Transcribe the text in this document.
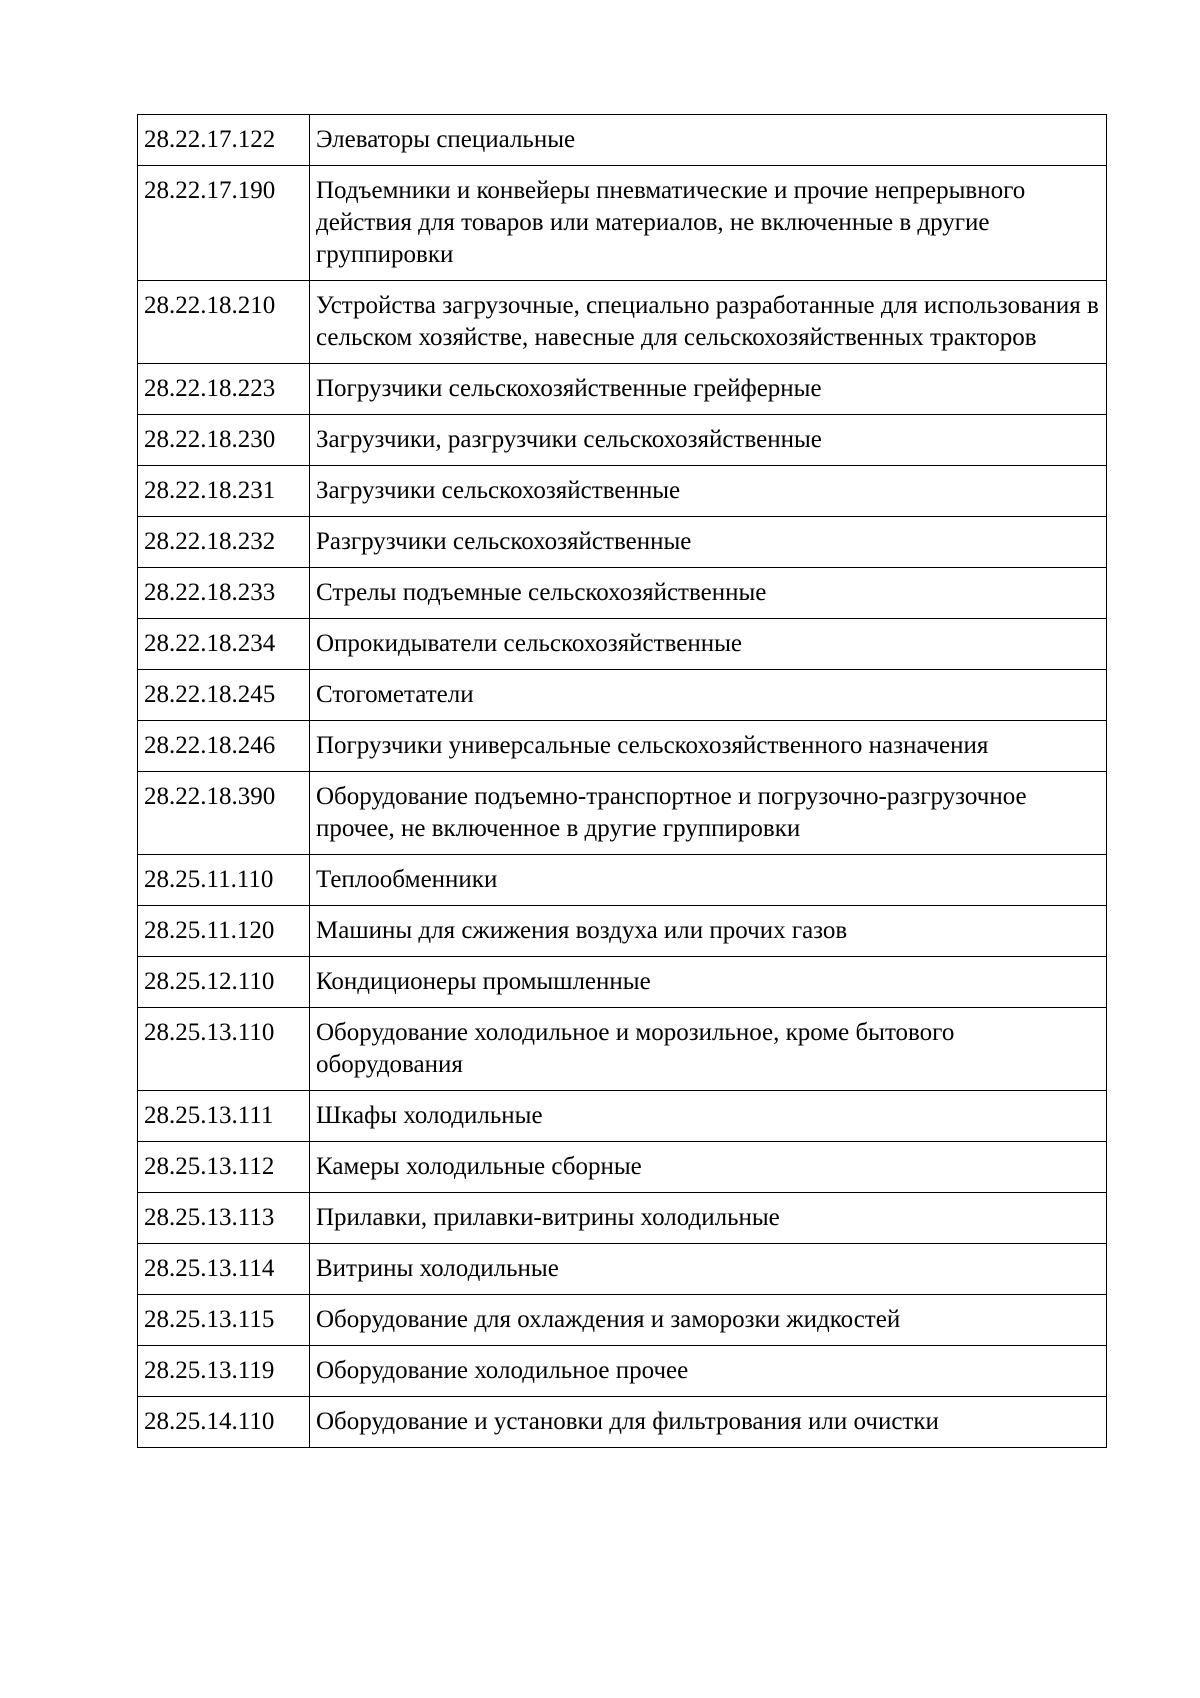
28.22.17.122	Элеваторы специальные
28.22.17.190	Подъемники и конвейеры пневматические и прочие непрерывного действия для товаров или материалов, не включенные в другие группировки
28.22.18.210	Устройства загрузочные, специально разработанные для использования в сельском хозяйстве, навесные для сельскохозяйственных тракторов
28.22.18.223	Погрузчики сельскохозяйственные грейферные
28.22.18.230	Загрузчики, разгрузчики сельскохозяйственные
28.22.18.231	Загрузчики сельскохозяйственные
28.22.18.232	Разгрузчики сельскохозяйственные
28.22.18.233	Стрелы подъемные сельскохозяйственные
28.22.18.234	Опрокидыватели сельскохозяйственные
28.22.18.245	Стогометатели
28.22.18.246	Погрузчики универсальные сельскохозяйственного назначения
28.22.18.390	Оборудование подъемно-транспортное и погрузочно-разгрузочное прочее, не включенное в другие группировки
28.25.11.110	Теплообменники
28.25.11.120	Машины для сжижения воздуха или прочих газов
28.25.12.110	Кондиционеры промышленные
28.25.13.110	Оборудование холодильное и морозильное, кроме бытового оборудования
28.25.13.111	Шкафы холодильные
28.25.13.112	Камеры холодильные сборные
28.25.13.113	Прилавки, прилавки-витрины холодильные
28.25.13.114	Витрины холодильные
28.25.13.115	Оборудование для охлаждения и заморозки жидкостей
28.25.13.119	Оборудование холодильное прочее
28.25.14.110	Оборудование и установки для фильтрования или очистки
